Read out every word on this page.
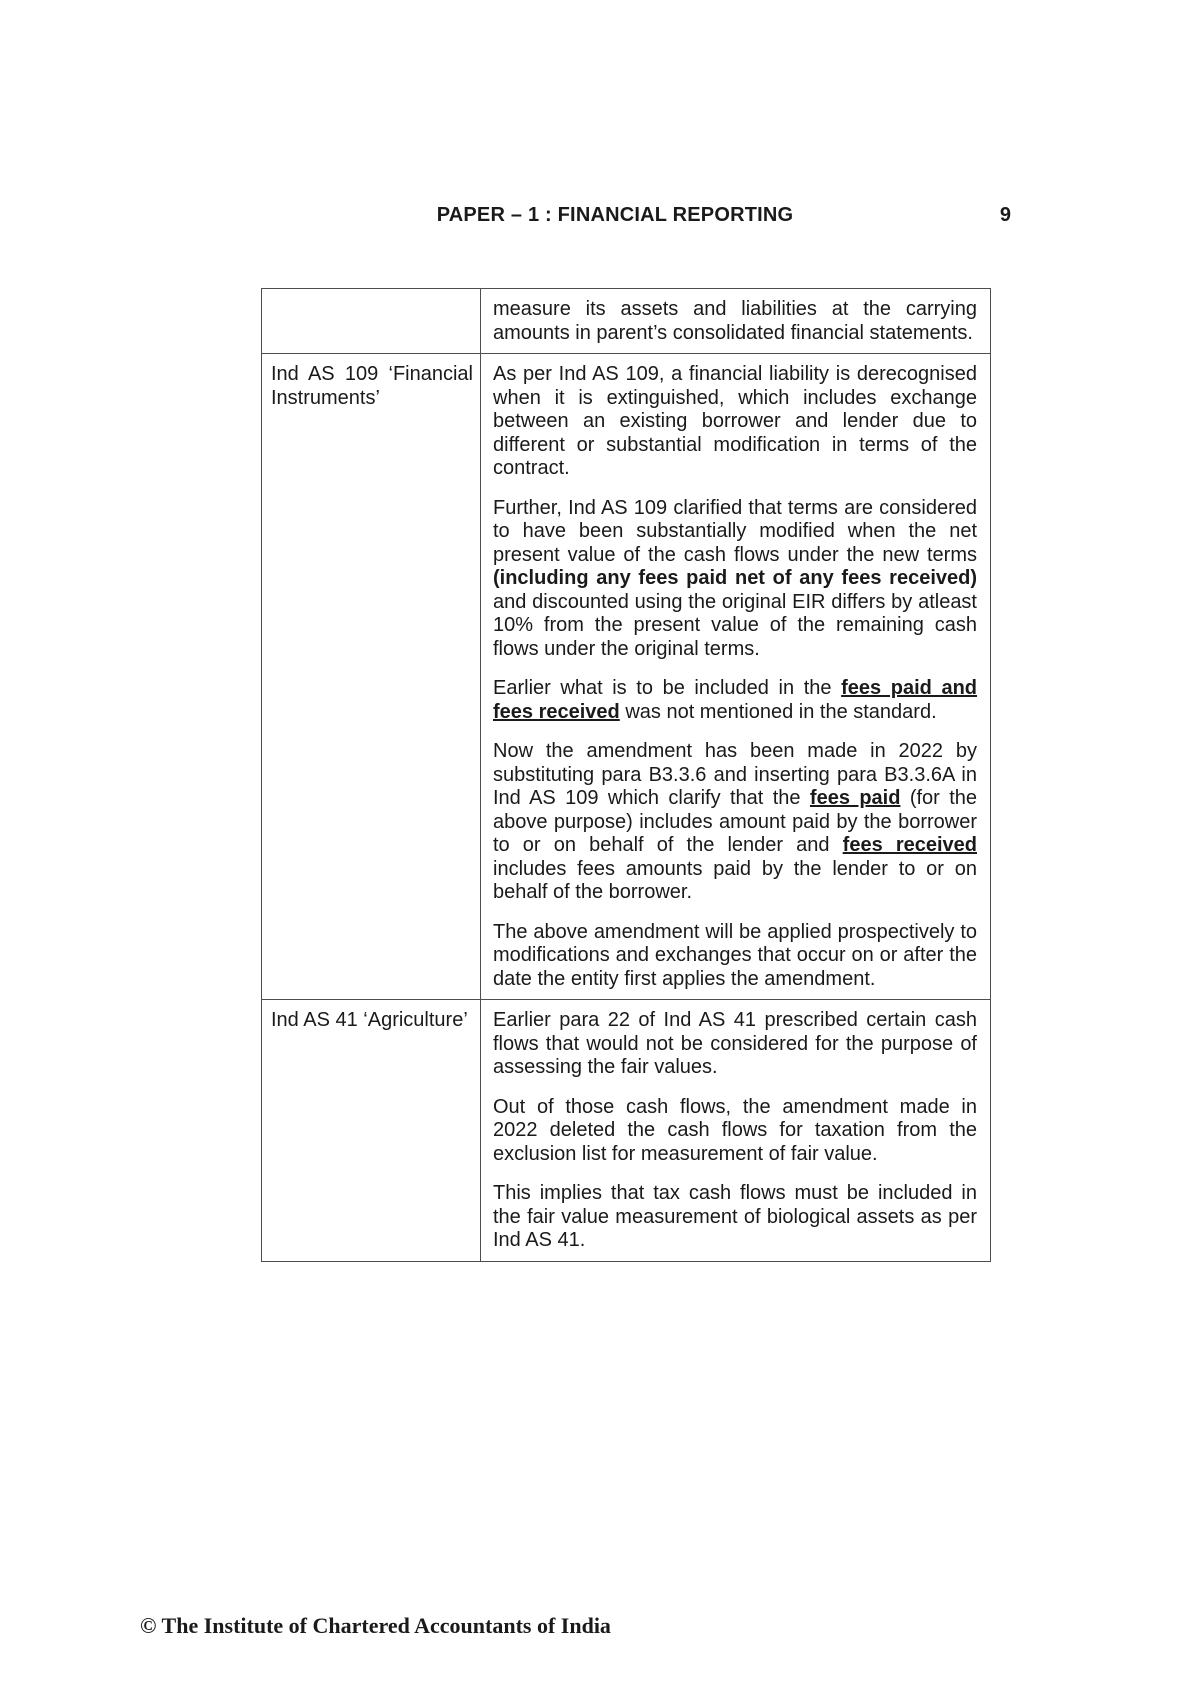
PAPER – 1 : FINANCIAL REPORTING	9

	measure its assets and liabilities at the carrying amounts in parent’s consolidated financial statements.

Ind AS 109 ‘Financial Instruments’	As per Ind AS 109, a financial liability is derecognised when it is extinguished, which includes exchange between an existing borrower and lender due to different or substantial modification in terms of the contract.

Further, Ind AS 109 clarified that terms are considered to have been substantially modified when the net present value of the cash flows under the new terms (including any fees paid net of any fees received) and discounted using the original EIR differs by atleast 10% from the present value of the remaining cash flows under the original terms.

Earlier what is to be included in the fees paid and fees received was not mentioned in the standard.

Now the amendment has been made in 2022 by substituting para B3.3.6 and inserting para B3.3.6A in Ind AS 109 which clarify that the fees paid (for the above purpose) includes amount paid by the borrower to or on behalf of the lender and fees received includes fees amounts paid by the lender to or on behalf of the borrower.

The above amendment will be applied prospectively to modifications and exchanges that occur on or after the date the entity first applies the amendment.

Ind AS 41 ‘Agriculture’	Earlier para 22 of Ind AS 41 prescribed certain cash flows that would not be considered for the purpose of assessing the fair values.

Out of those cash flows, the amendment made in 2022 deleted the cash flows for taxation from the exclusion list for measurement of fair value.

This implies that tax cash flows must be included in the fair value measurement of biological assets as per Ind AS 41.

© The Institute of Chartered Accountants of India
